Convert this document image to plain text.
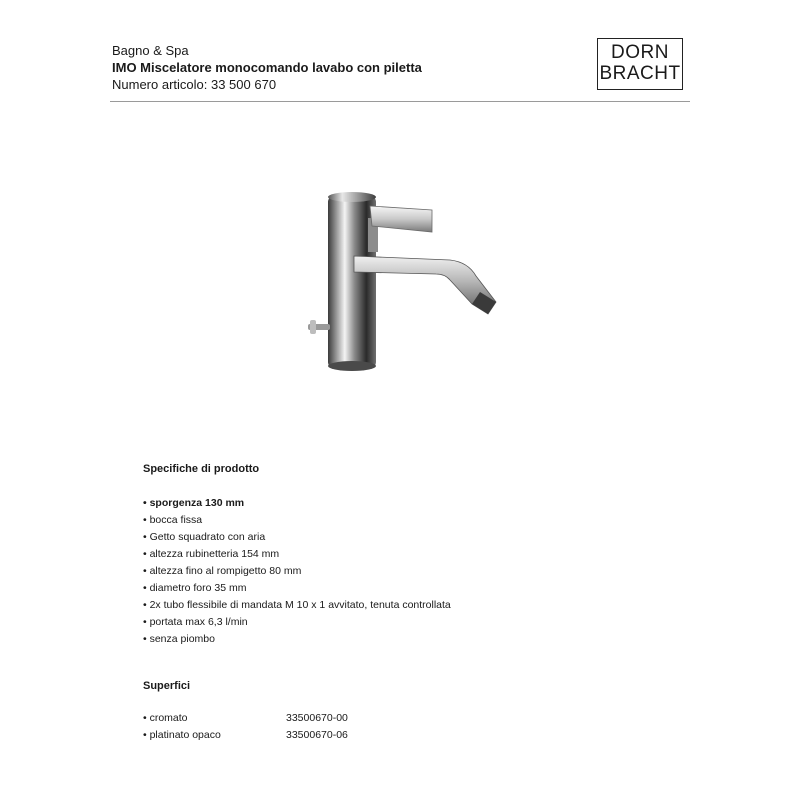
Bagno & Spa
IMO Miscelatore monocomando lavabo con piletta
Numero articolo: 33 500 670
DORN
BRACHT
Specifiche di prodotto
• sporgenza 130 mm
• bocca fissa
• Getto squadrato con aria
• altezza rubinetteria 154 mm
• altezza fino al rompigetto 80 mm
• diametro foro 35 mm
• 2x tubo flessibile di mandata M 10 x 1 avvitato, tenuta controllata
• portata max 6,3 l/min
• senza piombo
Superfici
• cromato	33500670-00
• platinato opaco	33500670-06
